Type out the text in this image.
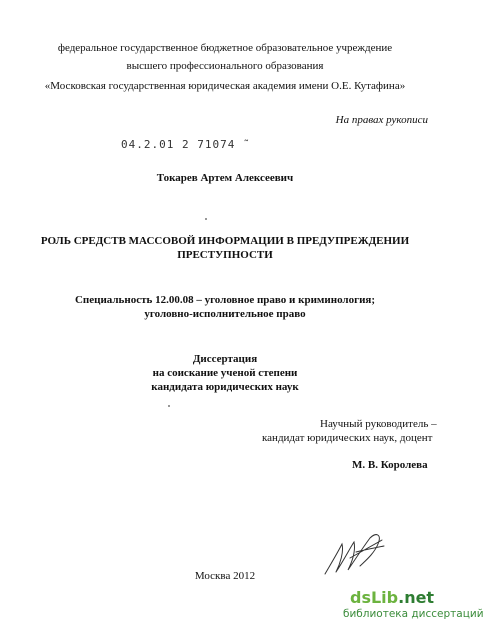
федеральное государственное бюджетное образовательное учреждение
высшего профессионального образования
«Московская государственная юридическая академия имени О.Е. Кутафина»
На правах рукописи
04.2.01 2 71074 ˜
Токарев Артем Алексеевич
РОЛЬ СРЕДСТВ МАССОВОЙ ИНФОРМАЦИИ В ПРЕДУПРЕЖДЕНИИ
ПРЕСТУПНОСТИ
Специальность 12.00.08 – уголовное право и криминология;
уголовно-исполнительное право
Диссертация
на соискание ученой степени
кандидата юридических наук
Научный руководитель –
кандидат юридических наук, доцент
М. В. Королева
Москва 2012
dsLib.net
библиотека диссертаций
